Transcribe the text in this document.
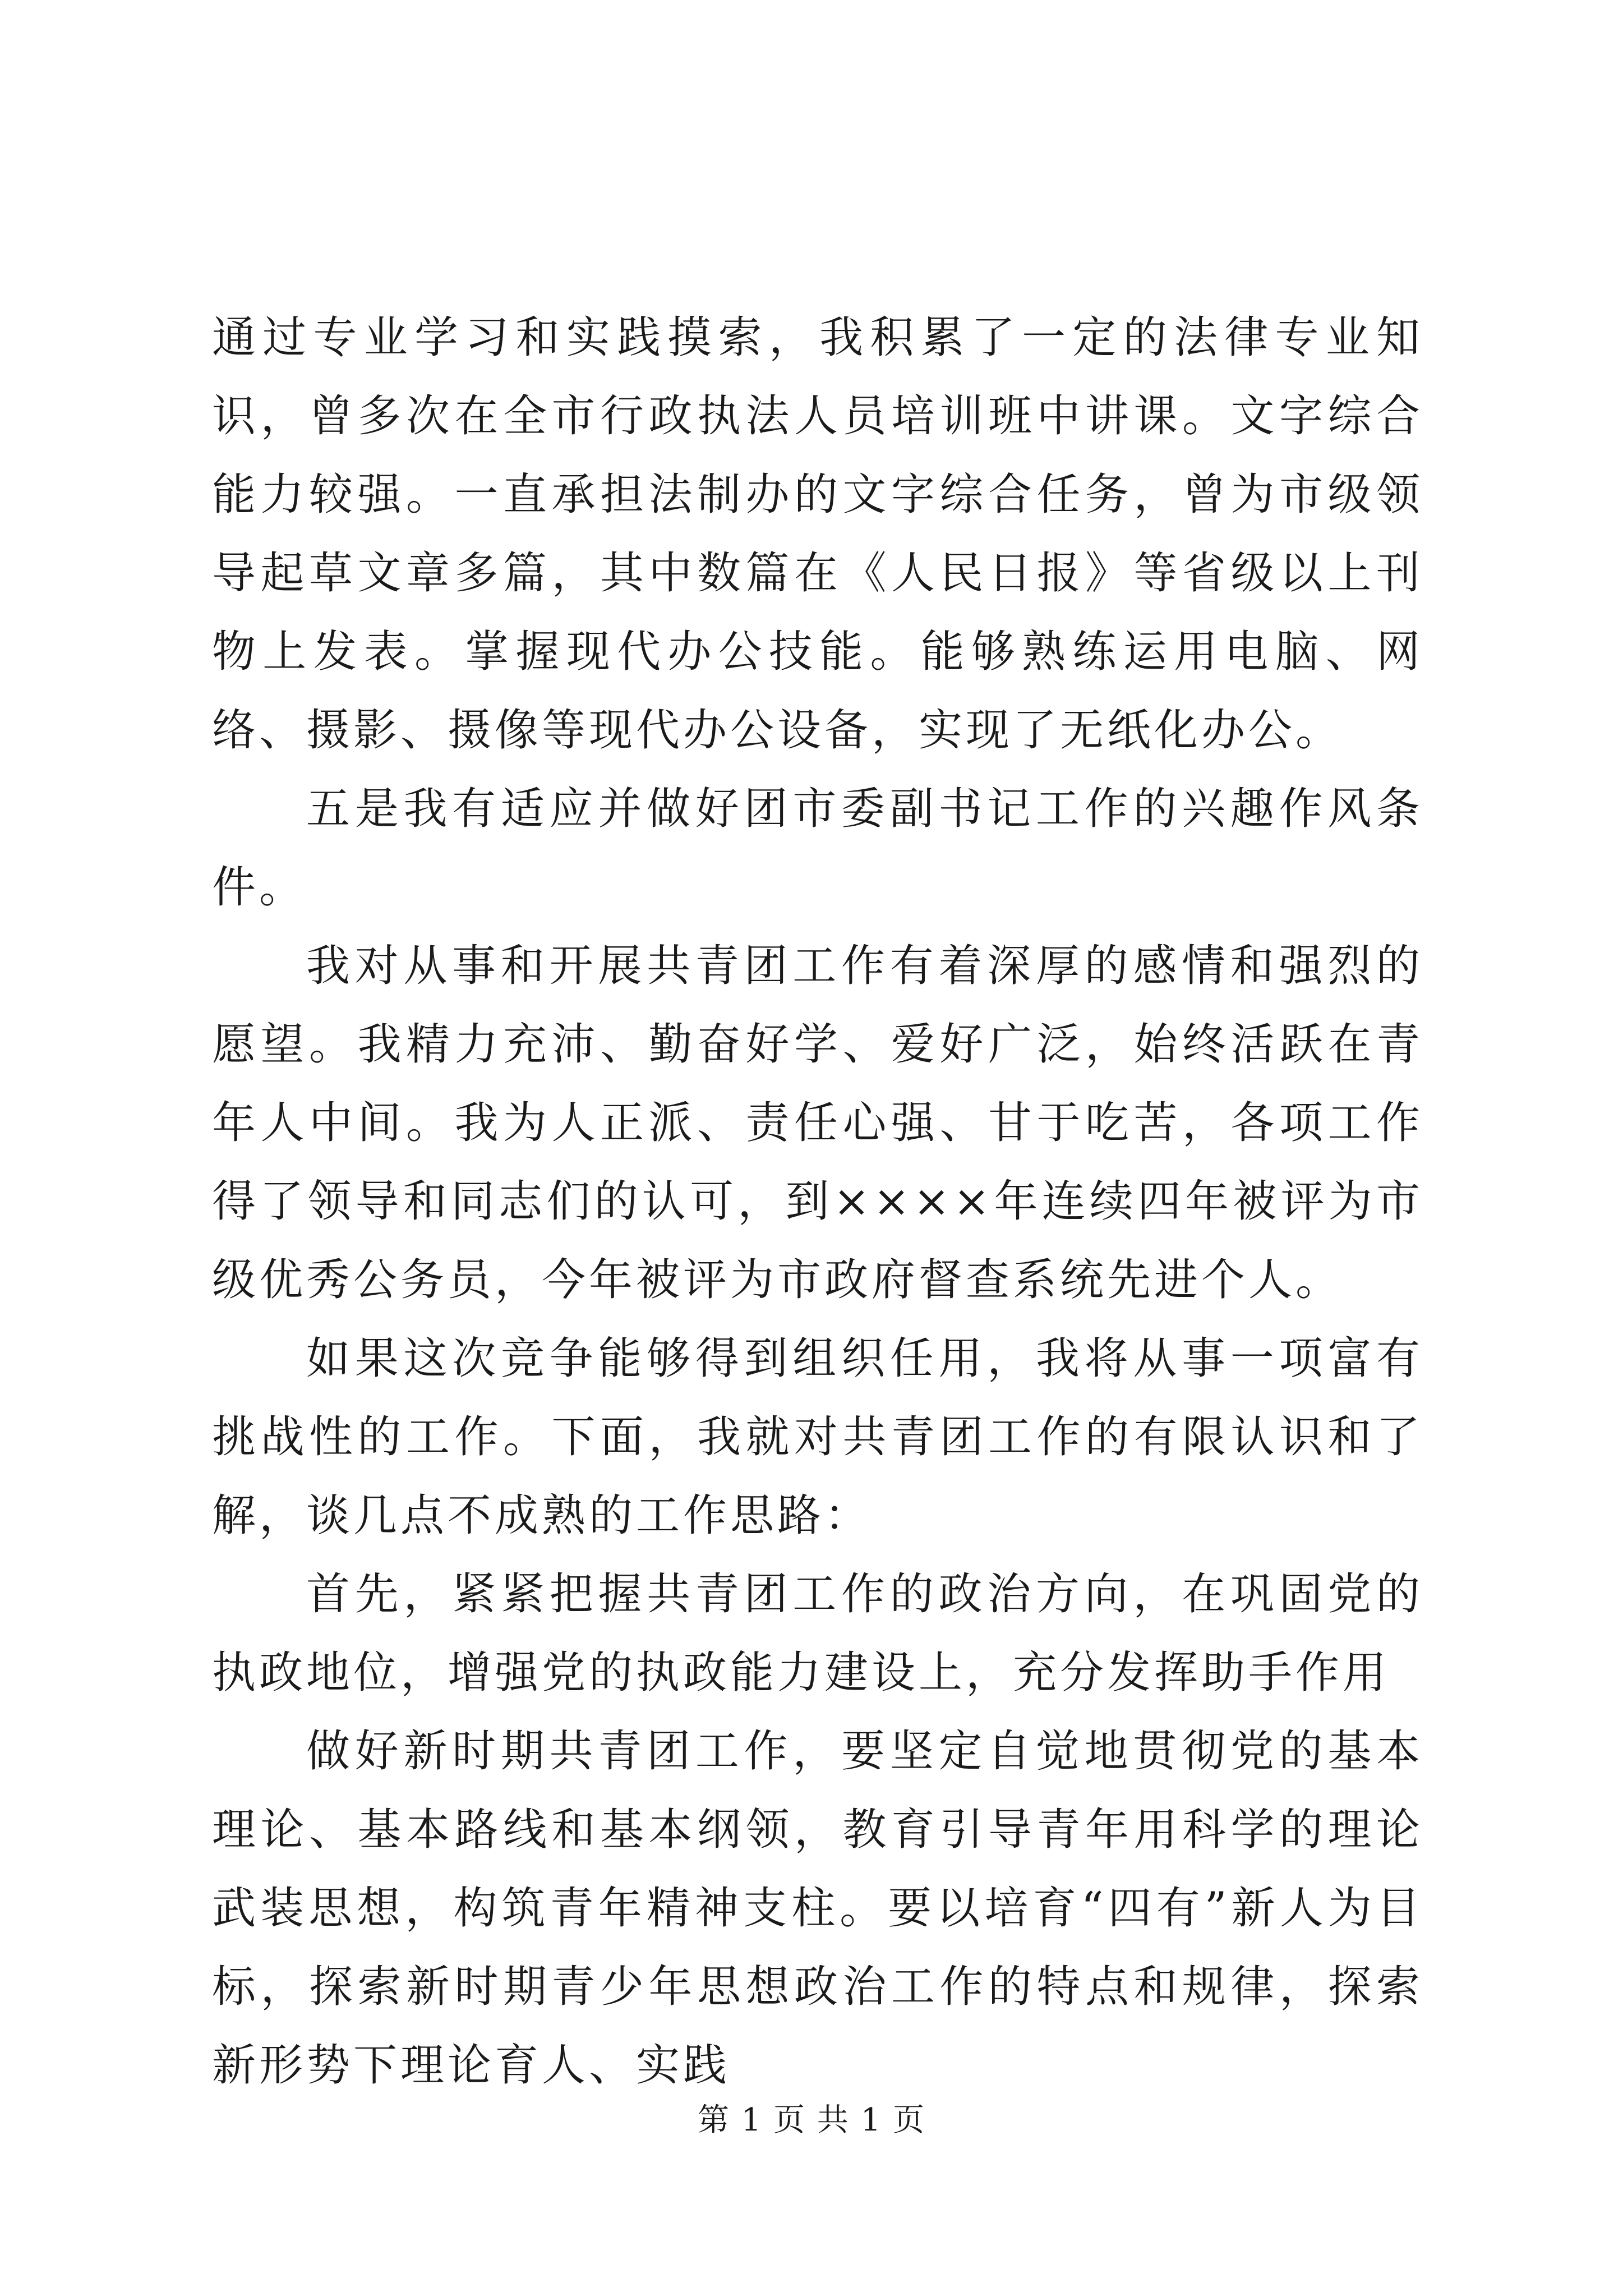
通过专业学习和实践摸索，我积累了一定的法律专业知识，曾多次在全市行政执法人员培训班中讲课。文字综合能力较强。一直承担法制办的文字综合任务，曾为市级领导起草文章多篇，其中数篇在《人民日报》等省级以上刊物上发表。掌握现代办公技能。能够熟练运用电脑、网络、摄影、摄像等现代办公设备，实现了无纸化办公。

五是我有适应并做好团市委副书记工作的兴趣作风条件。

我对从事和开展共青团工作有着深厚的感情和强烈的愿望。我精力充沛、勤奋好学、爱好广泛，始终活跃在青年人中间。我为人正派、责任心强、甘于吃苦，各项工作得了领导和同志们的认可，到××××年连续四年被评为市级优秀公务员，今年被评为市政府督查系统先进个人。

如果这次竞争能够得到组织任用，我将从事一项富有挑战性的工作。下面，我就对共青团工作的有限认识和了解，谈几点不成熟的工作思路：

首先，紧紧把握共青团工作的政治方向，在巩固党的执政地位，增强党的执政能力建设上，充分发挥助手作用

做好新时期共青团工作，要坚定自觉地贯彻党的基本理论、基本路线和基本纲领，教育引导青年用科学的理论武装思想，构筑青年精神支柱。要以培育“四有”新人为目标，探索新时期青少年思想政治工作的特点和规律，探索新形势下理论育人、实践

第 1 页 共 1 页
